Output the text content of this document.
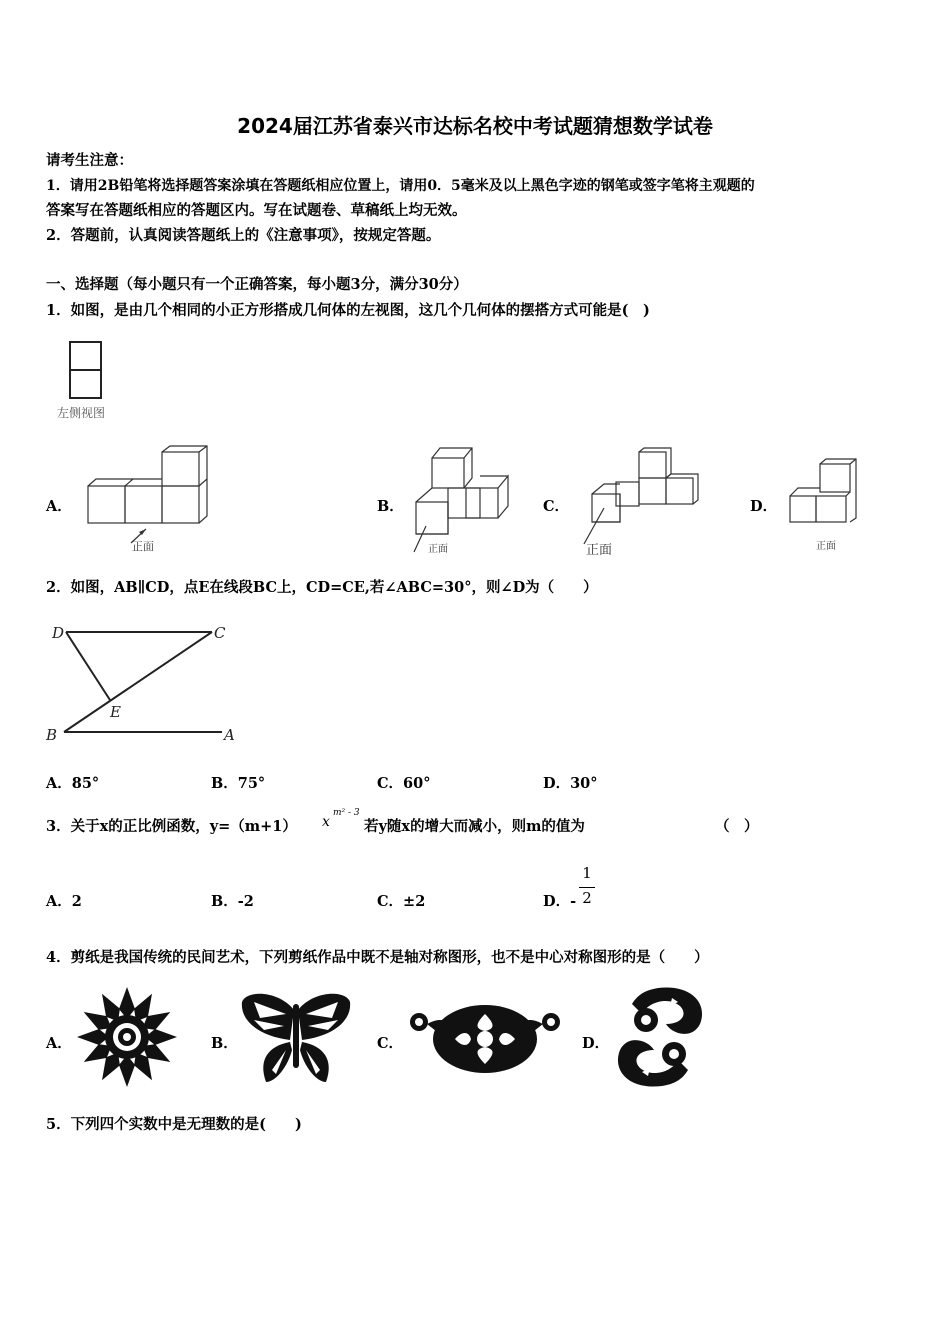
2024届江苏省泰兴市达标名校中考试题猜想数学试卷
请考生注意：
1．请用2B铅笔将选择题答案涂填在答题纸相应位置上，请用0．5毫米及以上黑色字迹的钢笔或签字笔将主观题的
答案写在答题纸相应的答题区内。写在试题卷、草稿纸上均无效。
2．答题前，认真阅读答题纸上的《注意事项》，按规定答题。
一、选择题（每小题只有一个正确答案，每小题3分，满分30分）
1．如图，是由几个相同的小正方形搭成几何体的左视图，这几个几何体的摆搭方式可能是(　)
左侧视图
A．
正面
B．
正面
C．
正面
D．
正面
2．如图，AB∥CD，点E在线段BC上，CD=CE,若∠ABC=30°，则∠D为（　　）
D	C
E
B	A
A．85°	B．75°	C．60°	D．30°
3．关于x的正比例函数，y=（m+1） x
m² - 3
若y随x的增大而减小，则m的值为	（　）
A．2	B．-2	C．±2	D．-
1
2
4．剪纸是我国传统的民间艺术，下列剪纸作品中既不是轴对称图形，也不是中心对称图形的是（　　）
A．	B．	C．	D．
5．下列四个实数中是无理数的是(　　)
